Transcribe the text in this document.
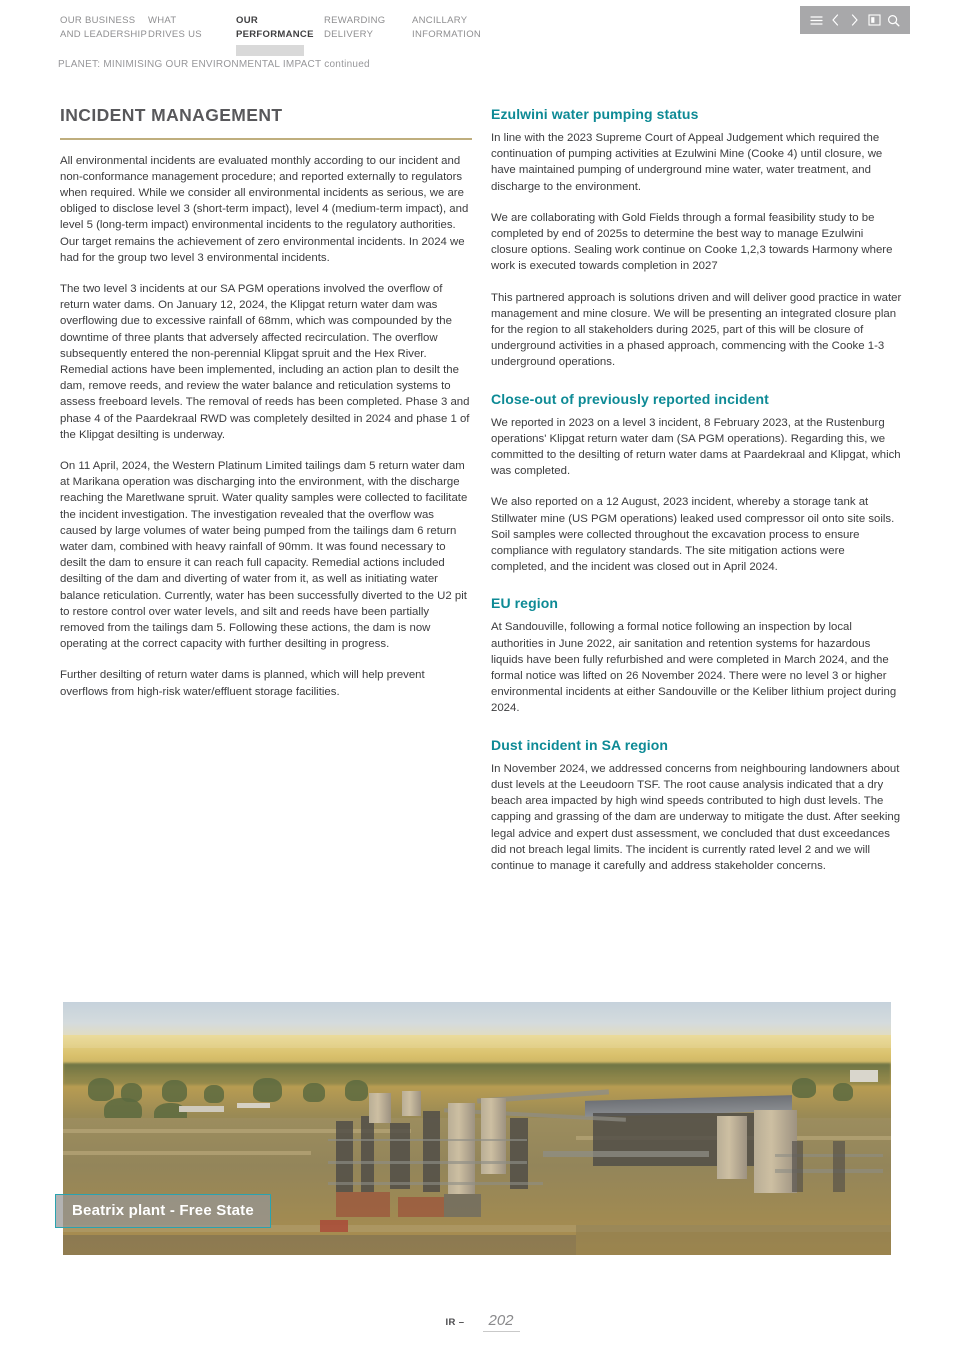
OUR BUSINESS
AND LEADERSHIP
WHAT
DRIVES US
OUR
PERFORMANCE
REWARDING
DELIVERY
ANCILLARY
INFORMATION
PLANET: MINIMISING OUR ENVIRONMENTAL IMPACT continued
INCIDENT MANAGEMENT

All environmental incidents are evaluated monthly according to our incident and non-conformance management procedure; and reported externally to regulators when required. While we consider all environmental incidents as serious, we are obliged to disclose level 3 (short-term impact), level 4 (medium-term impact), and level 5 (long-term impact) environmental incidents to the regulatory authorities. Our target remains the achievement of zero environmental incidents. In 2024 we had for the group two level 3 environmental incidents.

The two level 3 incidents at our SA PGM operations involved the overflow of return water dams. On January 12, 2024, the Klipgat return water dam was overflowing due to excessive rainfall of 68mm, which was compounded by the downtime of three plants that adversely affected recirculation. The overflow subsequently entered the non-perennial Klipgat spruit and the Hex River. Remedial actions have been implemented, including an action plan to desilt the dam, remove reeds, and review the water balance and reticulation systems to assess freeboard levels. The removal of reeds has been completed. Phase 3 and phase 4 of the Paardekraal RWD was completely desilted in 2024 and phase 1 of the Klipgat desilting is underway.

On 11 April, 2024, the Western Platinum Limited tailings dam 5 return water dam at Marikana operation was discharging into the environment, with the discharge reaching the Maretlwane spruit. Water quality samples were collected to facilitate the incident investigation. The investigation revealed that the overflow was caused by large volumes of water being pumped from the tailings dam 6 return water dam, combined with heavy rainfall of 90mm. It was found necessary to desilt the dam to ensure it can reach full capacity. Remedial actions included desilting of the dam and diverting of water from it, as well as initiating water balance reticulation. Currently, water has been successfully diverted to the U2 pit to restore control over water levels, and silt and reeds have been partially removed from the tailings dam 5. Following these actions, the dam is now operating at the correct capacity with further desilting in progress.

Further desilting of return water dams is planned, which will help prevent overflows from high-risk water/effluent storage facilities.

Ezulwini water pumping status

In line with the 2023 Supreme Court of Appeal Judgement which required the continuation of pumping activities at Ezulwini Mine (Cooke 4) until closure, we have maintained pumping of underground mine water, water treatment, and discharge to the environment.

We are collaborating with Gold Fields through a formal feasibility study to be completed by end of 2025s to determine the best way to manage Ezulwini closure options. Sealing work continue on Cooke 1,2,3 towards Harmony where work is executed towards completion in 2027

This partnered approach is solutions driven and will deliver good practice in water management and mine closure. We will be presenting an integrated closure plan for the region to all stakeholders during 2025, part of this will be closure of underground activities in a phased approach, commencing with the Cooke 1-3 underground operations.

Close-out of previously reported incident

We reported in 2023 on a level 3 incident, 8 February 2023, at the Rustenburg operations' Klipgat return water dam (SA PGM operations). Regarding this, we committed to the desilting of return water dams at Paardekraal and Klipgat, which was completed.

We also reported on a 12 August, 2023 incident, whereby a storage tank at Stillwater mine (US PGM operations) leaked used compressor oil onto site soils. Soil samples were collected throughout the excavation process to ensure compliance with regulatory standards. The site mitigation actions were completed, and the incident was closed out in April 2024.

EU region

At Sandouville, following a formal notice following an inspection by local authorities in June 2022, air sanitation and retention systems for hazardous liquids have been fully refurbished and were completed in March 2024, and the formal notice was lifted on 26 November 2024. There were no level 3 or higher environmental incidents at either Sandouville or the Keliber lithium project during 2024.

Dust incident in SA region

In November 2024, we addressed concerns from neighbouring landowners about dust levels at the Leeudoorn TSF. The root cause analysis indicated that a dry beach area impacted by high wind speeds contributed to high dust levels. The capping and grassing of the dam are underway to mitigate the dust. After seeking legal advice and expert dust assessment, we concluded that dust exceedances did not breach legal limits. The incident is currently rated level 2 and we will continue to manage it carefully and address stakeholder concerns.

Beatrix plant - Free State
IR –	202
